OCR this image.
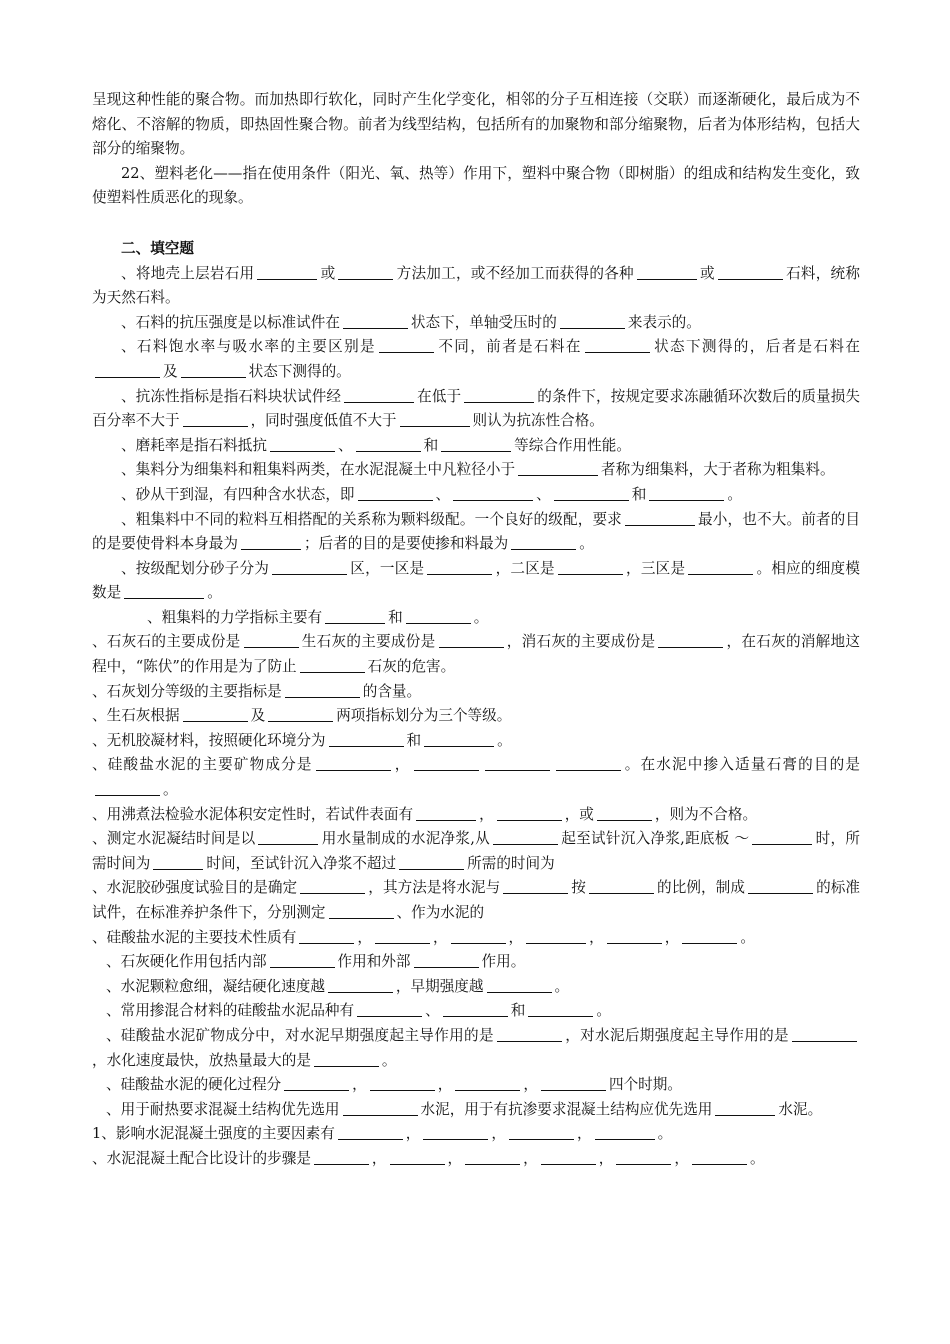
呈现这种性能的聚合物。而加热即行软化，同时产生化学变化，相邻的分子互相连接（交联）而逐渐硬化，最后成为不熔化、不溶解的物质，即热固性聚合物。前者为线型结构，包括所有的加聚物和部分缩聚物，后者为体形结构，包括大部分的缩聚物。

22、塑料老化——指在使用条件（阳光、氧、热等）作用下，塑料中聚合物（即树脂）的组成和结构发生变化，致使塑料性质恶化的现象。

二、填空题

、将地壳上层岩石用	或	方法加工，或不经加工而获得的各种	或	石料，统称为天然石料。

、石料的抗压强度是以标准试件在	状态下，单轴受压时的	来表示的。

、石料饱水率与吸水率的主要区别是	不同，前者是石料在	状态下测得的，后者是石料在及	状态下测得的。

、抗冻性指标是指石料块状试件经	在低于	的条件下，按规定要求冻融循环次数后的质量损失百分率不大于	，同时强度低值不大于	则认为抗冻性合格。

、磨耗率是指石料抵抗	、	和	等综合作用性能。

、集料分为细集料和粗集料两类，在水泥混凝土中凡粒径小于	者称为细集料，大于者称为粗集料。

、砂从干到湿，有四种含水状态，即	、	、	和	。

、粗集料中不同的粒料互相搭配的关系称为颗料级配。一个良好的级配，要求	最小，也不大。前者的目的是要使骨料本身最为	；后者的目的是要使掺和料最为	。

、按级配划分砂子分为	区，一区是	，二区是	，三区是	。相应的细度模数是	。

、粗集料的力学指标主要有	和	。

、石灰石的主要成份是	生石灰的主要成份是	，消石灰的主要成份是	，在石灰的消解地这程中，“陈伏”的作用是为了防止	石灰的危害。

、石灰划分等级的主要指标是	的含量。

、生石灰根据	及	两项指标划分为三个等级。

、无机胶凝材料，按照硬化环境分为	和	。

、硅酸盐水泥的主要矿物成分是	，	。在水泥中掺入适量石膏的目的是。

、用沸煮法检验水泥体积安定性时，若试件表面有	，	，或	，则为不合格。

、测定水泥凝结时间是以	用水量制成的水泥净浆,从	起至试针沉入净浆,距底板 ～	时，所需时间为	时间，至试针沉入净浆不超过	所需的时间为

、水泥胶砂强度试验目的是确定	，其方法是将水泥与	按	的比例，制成	的标准试件，在标准养护条件下，分别测定	、作为水泥的

、硅酸盐水泥的主要技术性质有	，	，	，	，	，	。

、石灰硬化作用包括内部	作用和外部	作用。

、水泥颗粒愈细，凝结硬化速度越	，早期强度越	。

、常用掺混合材料的硅酸盐水泥品种有	、	和	。

、硅酸盐水泥矿物成分中，对水泥早期强度起主导作用的是	，对水泥后期强度起主导作用的是，水化速度最快，放热量最大的是	。

、硅酸盐水泥的硬化过程分	，	，	，	四个时期。

、用于耐热要求混凝土结构优先选用	水泥，用于有抗渗要求混凝土结构应优先选用	水泥。

1、影响水泥混凝土强度的主要因素有	，	，	，	。

、水泥混凝土配合比设计的步骤是	，	，	，	，	，	。
